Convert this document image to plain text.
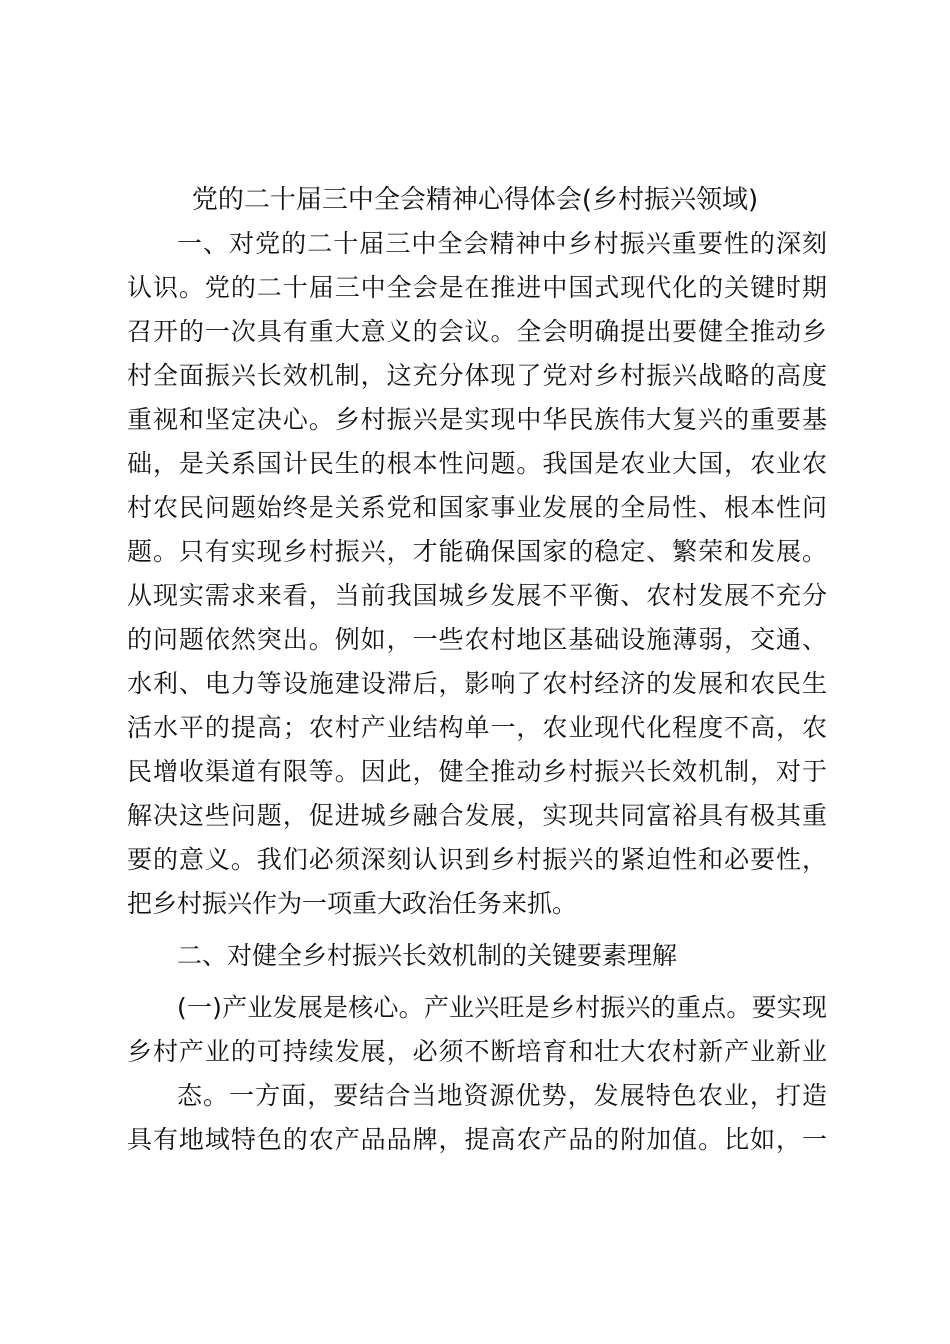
党的二十届三中全会精神心得体会(乡村振兴领域)
一、对党的二十届三中全会精神中乡村振兴重要性的深刻
认识。党的二十届三中全会是在推进中国式现代化的关键时期
召开的一次具有重大意义的会议。全会明确提出要健全推动乡
村全面振兴长效机制，这充分体现了党对乡村振兴战略的高度
重视和坚定决心。乡村振兴是实现中华民族伟大复兴的重要基
础，是关系国计民生的根本性问题。我国是农业大国，农业农
村农民问题始终是关系党和国家事业发展的全局性、根本性问
题。只有实现乡村振兴，才能确保国家的稳定、繁荣和发展。
从现实需求来看，当前我国城乡发展不平衡、农村发展不充分
的问题依然突出。例如，一些农村地区基础设施薄弱，交通、
水利、电力等设施建设滞后，影响了农村经济的发展和农民生
活水平的提高；农村产业结构单一，农业现代化程度不高，农
民增收渠道有限等。因此，健全推动乡村振兴长效机制，对于
解决这些问题，促进城乡融合发展，实现共同富裕具有极其重
要的意义。我们必须深刻认识到乡村振兴的紧迫性和必要性，
把乡村振兴作为一项重大政治任务来抓。
二、对健全乡村振兴长效机制的关键要素理解
(一)产业发展是核心。产业兴旺是乡村振兴的重点。要实现
乡村产业的可持续发展，必须不断培育和壮大农村新产业新业
态。一方面，要结合当地资源优势，发展特色农业，打造
具有地域特色的农产品品牌，提高农产品的附加值。比如，一
